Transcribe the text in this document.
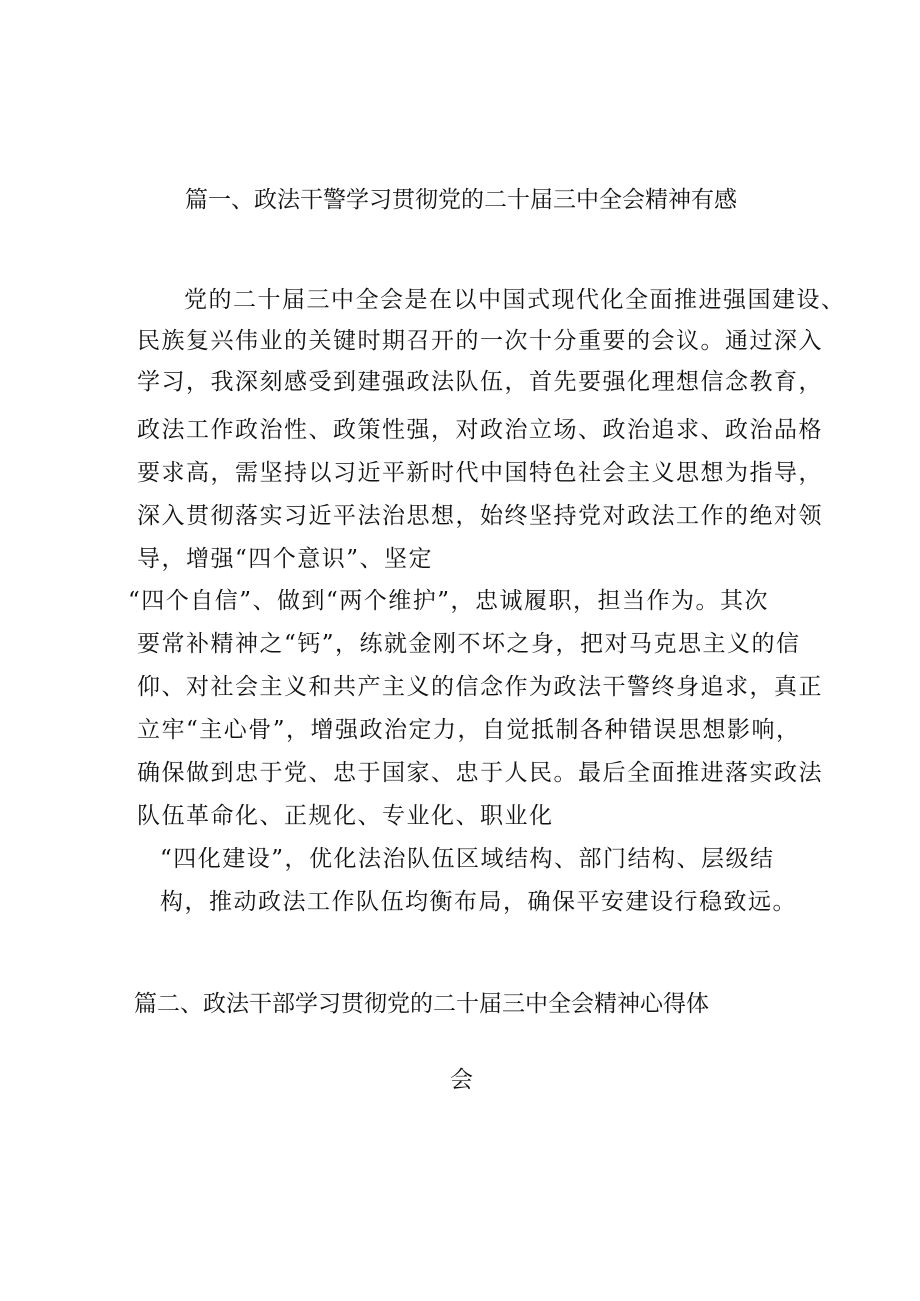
篇一、政法干警学习贯彻党的二十届三中全会精神有感
党的二十届三中全会是在以中国式现代化全面推进强国建设、
民族复兴伟业的关键时期召开的一次十分重要的会议。通过深入
学习，我深刻感受到建强政法队伍，首先要强化理想信念教育，
政法工作政治性、政策性强，对政治立场、政治追求、政治品格
要求高，需坚持以习近平新时代中国特色社会主义思想为指导，
深入贯彻落实习近平法治思想，始终坚持党对政法工作的绝对领
导，增强“四个意识”、坚定
“四个自信”、做到“两个维护”，忠诚履职，担当作为。其次
要常补精神之“钙”，练就金刚不坏之身，把对马克思主义的信
仰、对社会主义和共产主义的信念作为政法干警终身追求，真正
立牢“主心骨”，增强政治定力，自觉抵制各种错误思想影响，
确保做到忠于党、忠于国家、忠于人民。最后全面推进落实政法
队伍革命化、正规化、专业化、职业化
“四化建设”，优化法治队伍区域结构、部门结构、层级结
构，推动政法工作队伍均衡布局，确保平安建设行稳致远。
篇二、政法干部学习贯彻党的二十届三中全会精神心得体
会
